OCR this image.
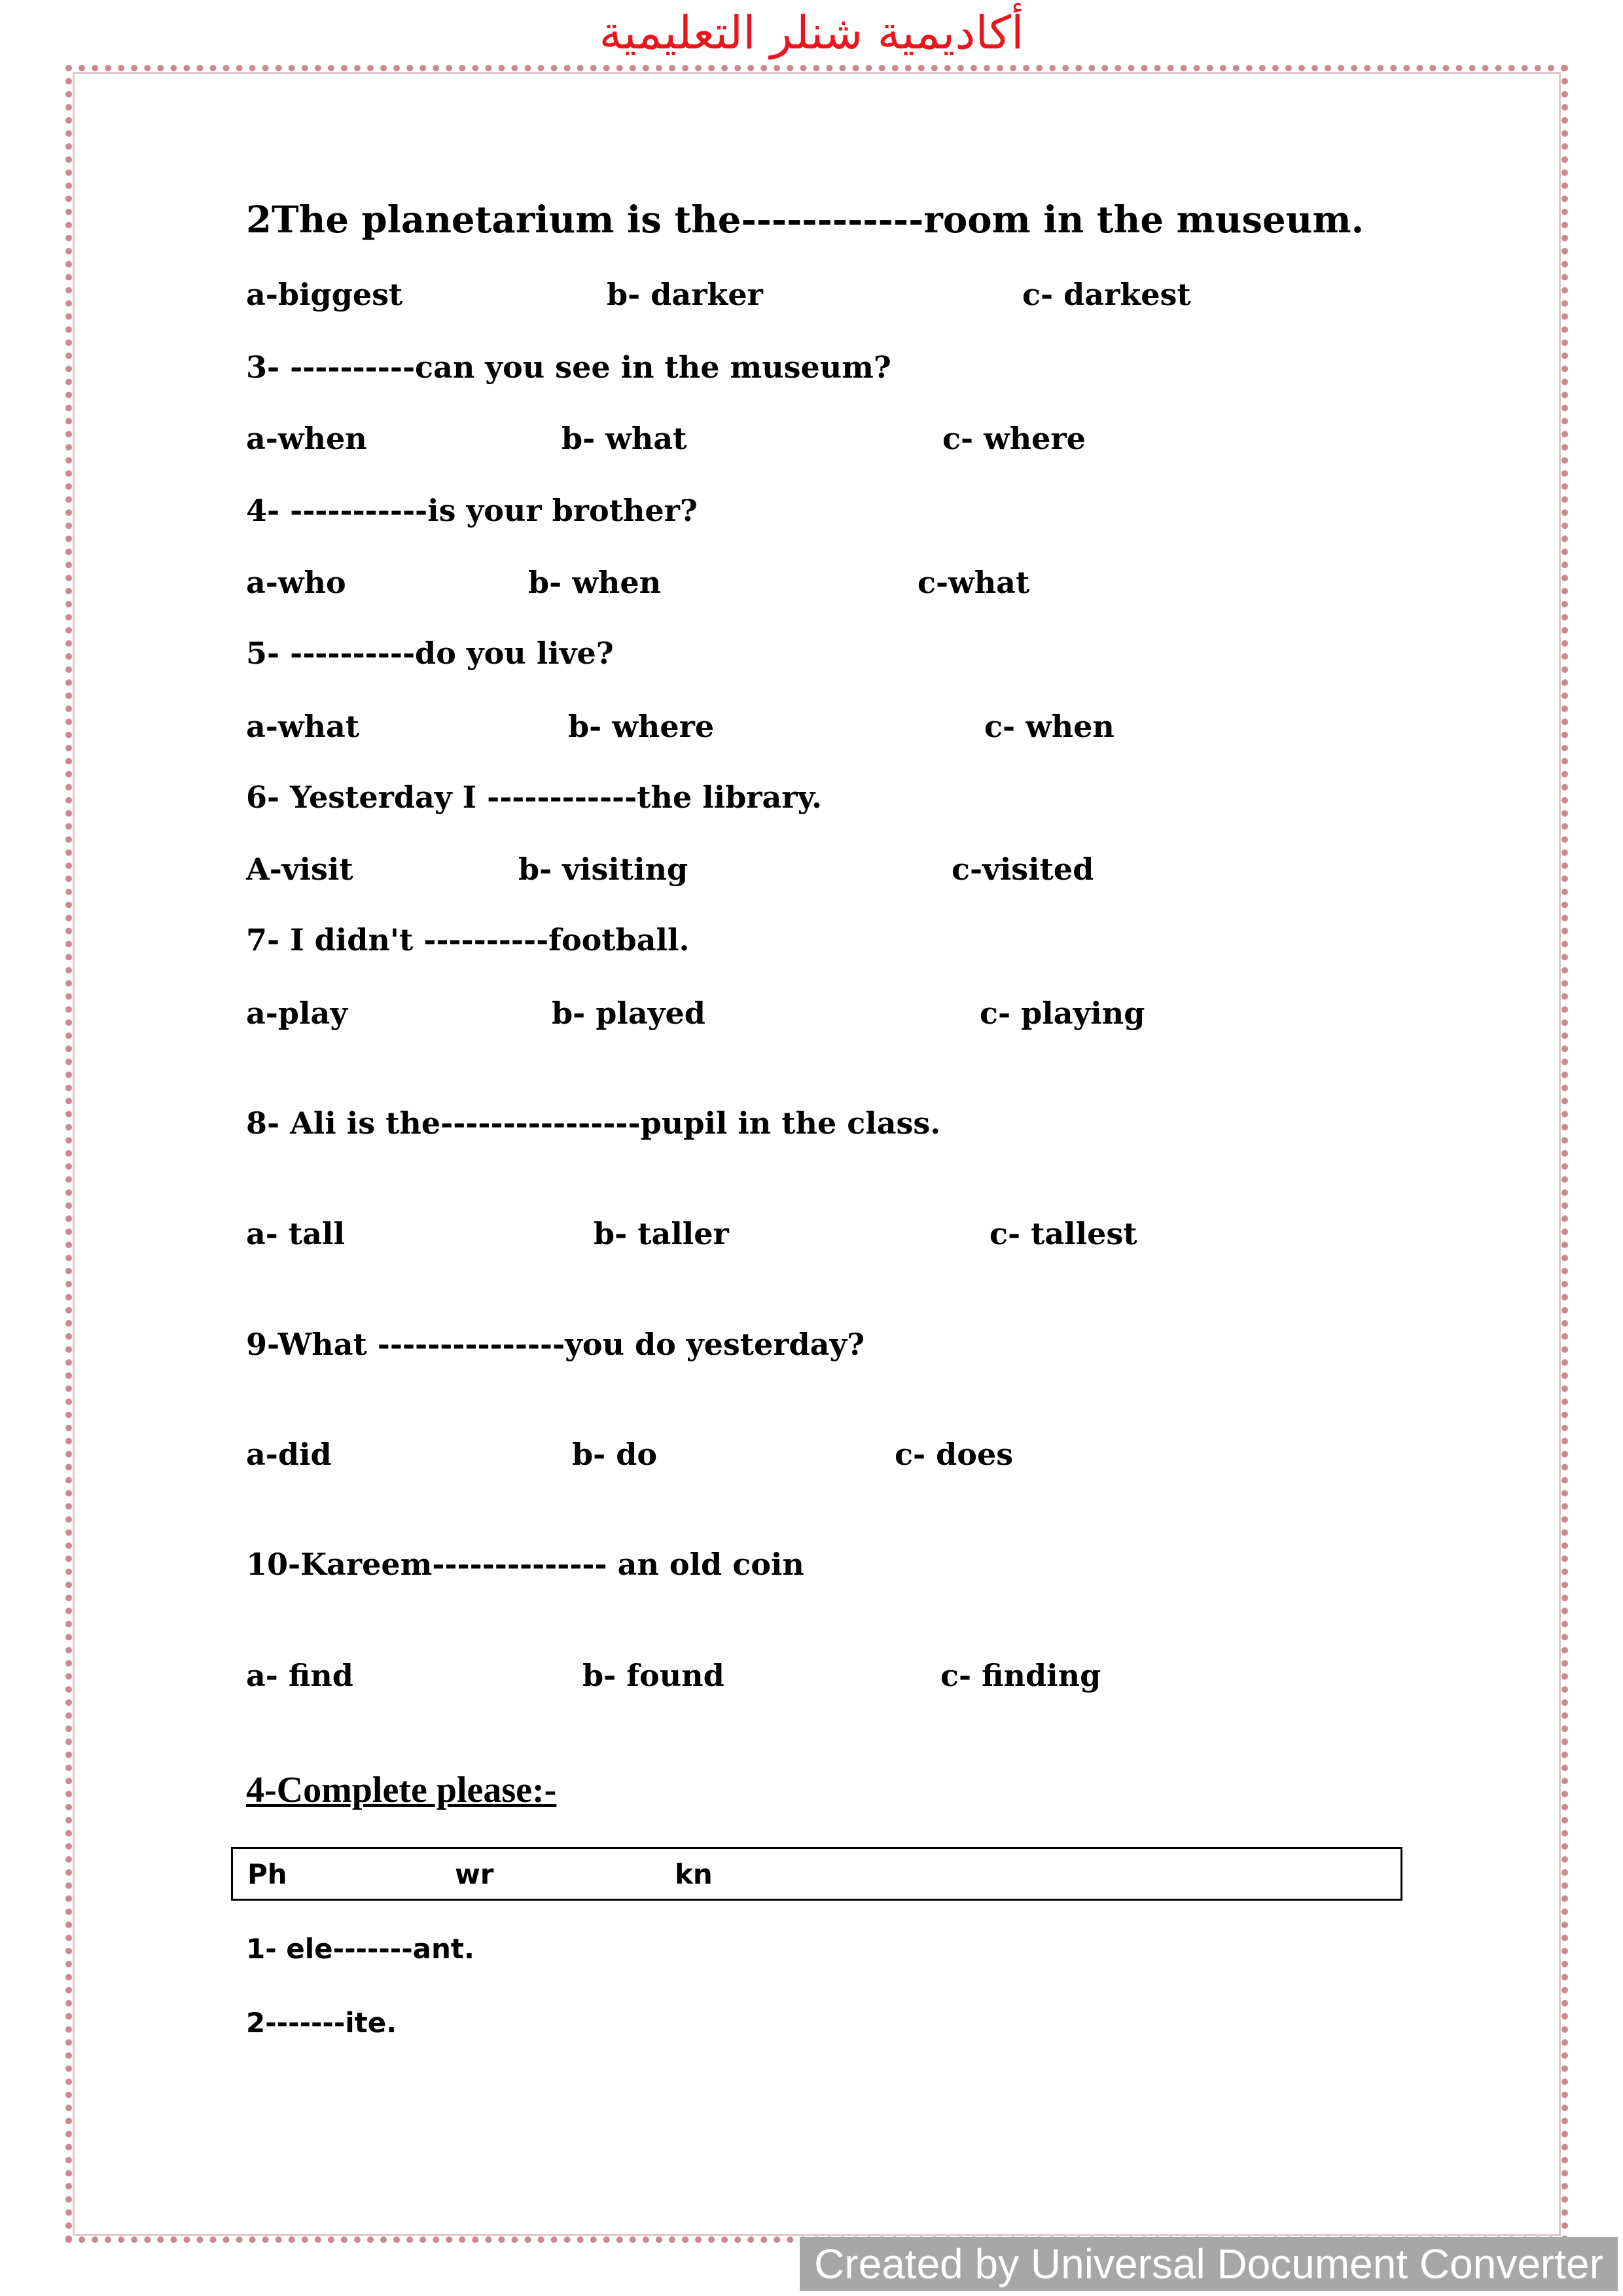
أكاديمية شنلر التعليمية
2The planetarium is the------------room in the museum.
a-biggest	b- darker	c- darkest
3- ----------can you see in the museum?
a-when	b- what	c- where
4- -----------is your brother?
a-who	b- when	c-what
5- ----------do you live?
a-what	b- where	c- when
6- Yesterday I ------------the library.
A-visit	b- visiting	c-visited
7- I didn't ----------football.
a-play	b- played	c- playing
8- Ali is the----------------pupil in the class.
a- tall	b- taller	c- tallest
9-What ---------------you do yesterday?
a-did	b- do	c- does
10-Kareem-------------- an old coin
a- find	b- found	c- finding
4-Complete please:-
Ph	wr	kn
1- ele-------ant.
2-------ite.
Created by Universal Document Converter
